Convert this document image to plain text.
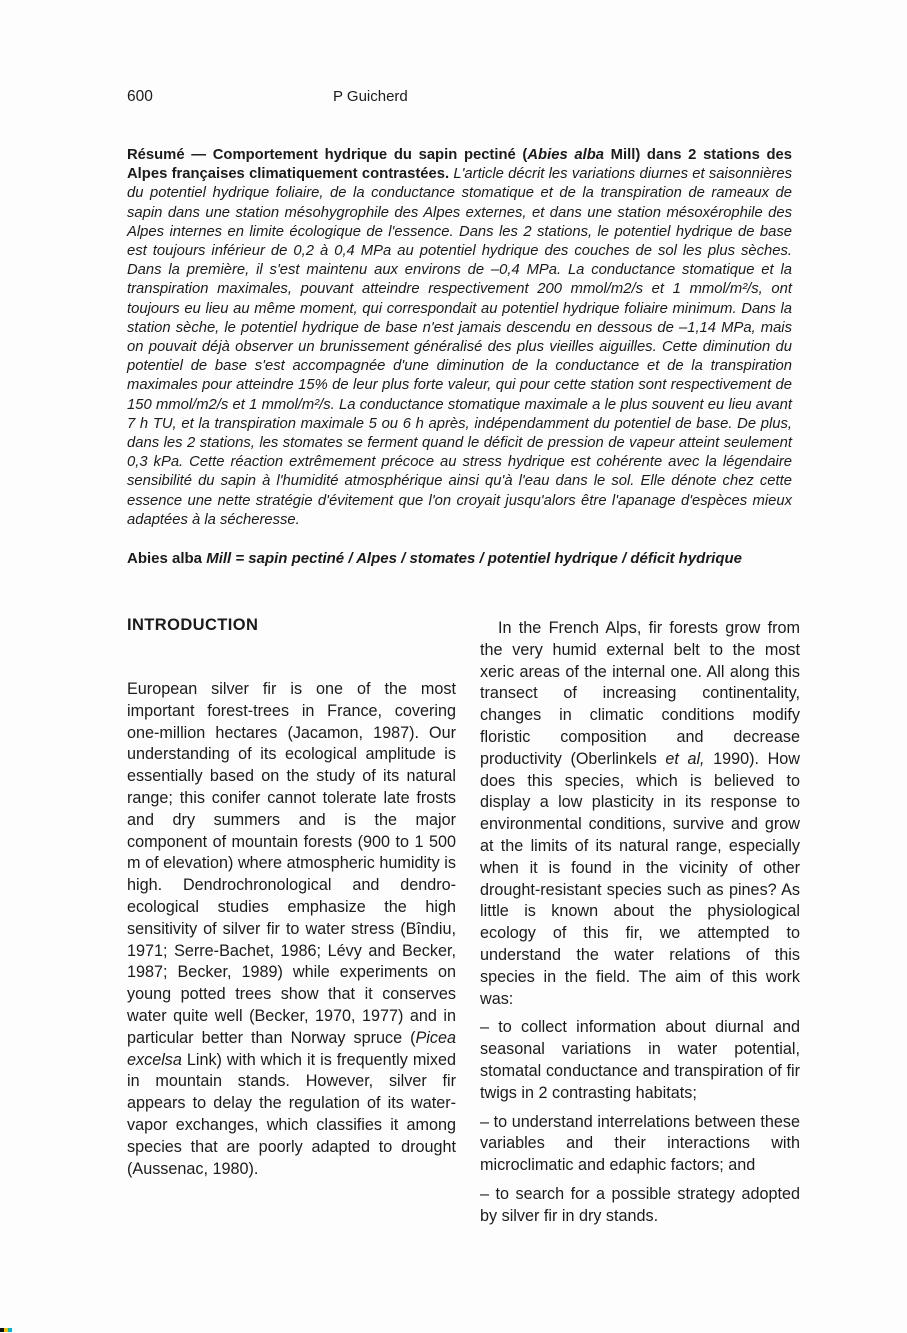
600	P Guicherd

Résumé — Comportement hydrique du sapin pectiné (Abies alba Mill) dans 2 stations des Alpes françaises climatiquement contrastées. L'article décrit les variations diurnes et saisonnières du potentiel hydrique foliaire, de la conductance stomatique et de la transpiration de rameaux de sapin dans une station mésohygrophile des Alpes externes, et dans une station mésoxérophile des Alpes internes en limite écologique de l'essence. Dans les 2 stations, le potentiel hydrique de base est toujours inférieur de 0,2 à 0,4 MPa au potentiel hydrique des couches de sol les plus sèches. Dans la première, il s'est maintenu aux environs de –0,4 MPa. La conductance stomatique et la transpiration maximales, pouvant atteindre respectivement 200 mmol/m2/s et 1 mmol/m²/s, ont toujours eu lieu au même moment, qui correspondait au potentiel hydrique foliaire minimum. Dans la station sèche, le potentiel hydrique de base n'est jamais descendu en dessous de –1,14 MPa, mais on pouvait déjà observer un brunissement généralisé des plus vieilles aiguilles. Cette diminution du potentiel de base s'est accompagnée d'une diminution de la conductance et de la transpiration maximales pour atteindre 15% de leur plus forte valeur, qui pour cette station sont respectivement de 150 mmol/m2/s et 1 mmol/m²/s. La conductance stomatique maximale a le plus souvent eu lieu avant 7 h TU, et la transpiration maximale 5 ou 6 h après, indépendamment du potentiel de base. De plus, dans les 2 stations, les stomates se ferment quand le déficit de pression de vapeur atteint seulement 0,3 kPa. Cette réaction extrêmement précoce au stress hydrique est cohérente avec la légendaire sensibilité du sapin à l'humidité atmosphérique ainsi qu'à l'eau dans le sol. Elle dénote chez cette essence une nette stratégie d'évitement que l'on croyait jusqu'alors être l'apanage d'espèces mieux adaptées à la sécheresse.

Abies alba Mill = sapin pectiné / Alpes / stomates / potentiel hydrique / déficit hydrique

INTRODUCTION

European silver fir is one of the most important forest-trees in France, covering one-million hectares (Jacamon, 1987). Our understanding of its ecological amplitude is essentially based on the study of its natural range; this conifer cannot tolerate late frosts and dry summers and is the major component of mountain forests (900 to 1 500 m of elevation) where atmospheric humidity is high. Dendrochronological and dendro-ecological studies emphasize the high sensitivity of silver fir to water stress (Bîndiu, 1971; Serre-Bachet, 1986; Lévy and Becker, 1987; Becker, 1989) while experiments on young potted trees show that it conserves water quite well (Becker, 1970, 1977) and in particular better than Norway spruce (Picea excelsa Link) with which it is frequently mixed in mountain stands. However, silver fir appears to delay the regulation of its water-vapor exchanges, which classifies it among species that are poorly adapted to drought (Aussenac, 1980).

In the French Alps, fir forests grow from the very humid external belt to the most xeric areas of the internal one. All along this transect of increasing continentality, changes in climatic conditions modify floristic composition and decrease productivity (Oberlinkels et al, 1990). How does this species, which is believed to display a low plasticity in its response to environmental conditions, survive and grow at the limits of its natural range, especially when it is found in the vicinity of other drought-resistant species such as pines? As little is known about the physiological ecology of this fir, we attempted to understand the water relations of this species in the field. The aim of this work was:

– to collect information about diurnal and seasonal variations in water potential, stomatal conductance and transpiration of fir twigs in 2 contrasting habitats;

– to understand interrelations between these variables and their interactions with microclimatic and edaphic factors; and

– to search for a possible strategy adopted by silver fir in dry stands.
